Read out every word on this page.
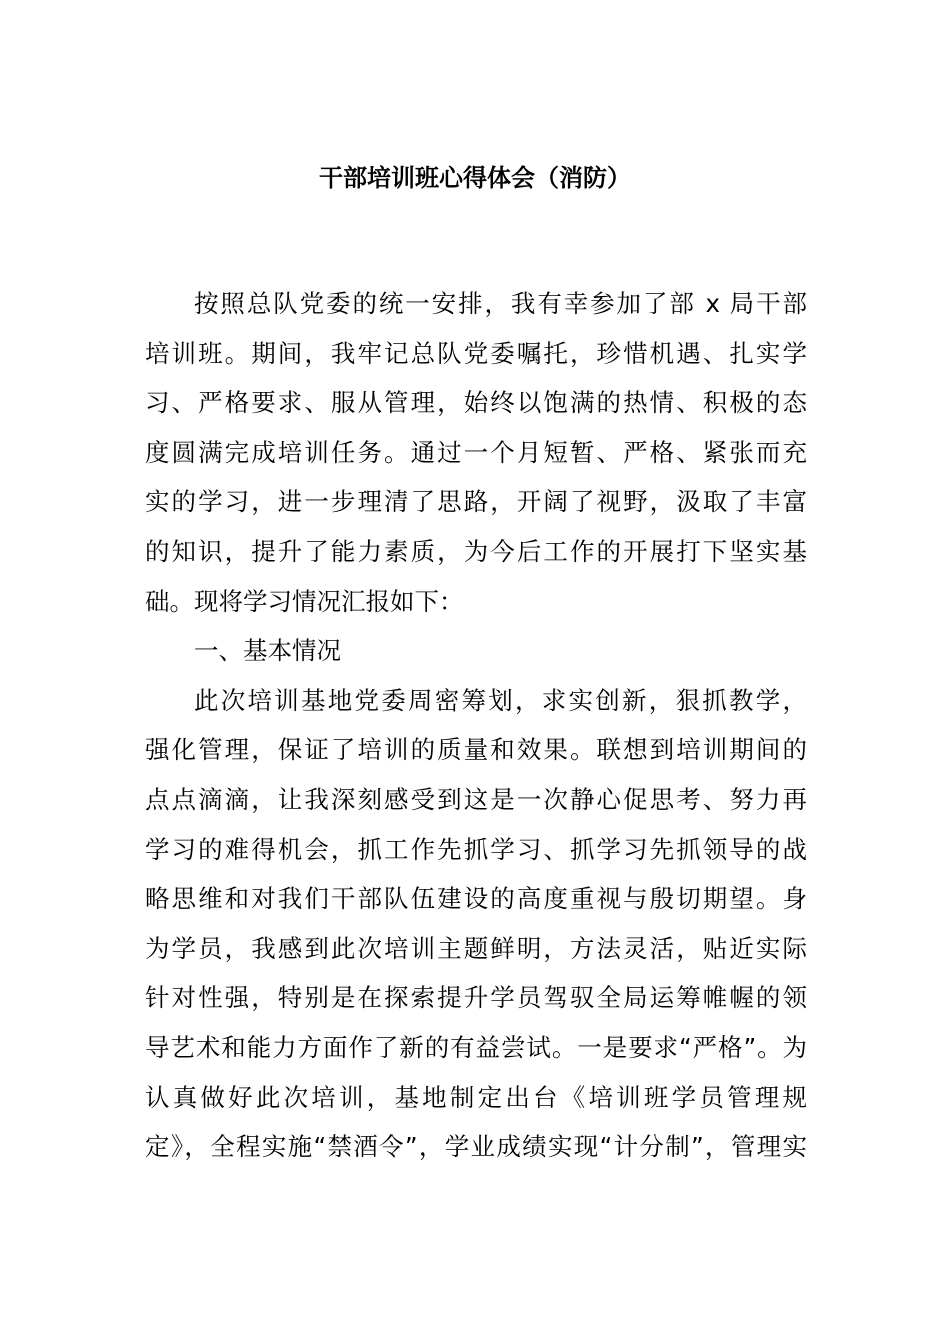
干部培训班心得体会（消防）
按照总队党委的统一安排，我有幸参加了部 x 局干部
培训班。期间，我牢记总队党委嘱托，珍惜机遇、扎实学
习、严格要求、服从管理，始终以饱满的热情、积极的态
度圆满完成培训任务。通过一个月短暂、严格、紧张而充
实的学习，进一步理清了思路，开阔了视野，汲取了丰富
的知识，提升了能力素质，为今后工作的开展打下坚实基
础。现将学习情况汇报如下：
一、基本情况
此次培训基地党委周密筹划，求实创新，狠抓教学，
强化管理，保证了培训的质量和效果。联想到培训期间的
点点滴滴，让我深刻感受到这是一次静心促思考、努力再
学习的难得机会，抓工作先抓学习、抓学习先抓领导的战
略思维和对我们干部队伍建设的高度重视与殷切期望。身
为学员，我感到此次培训主题鲜明，方法灵活，贴近实际
针对性强，特别是在探索提升学员驾驭全局运筹帷幄的领
导艺术和能力方面作了新的有益尝试。一是要求“严格”。为
认真做好此次培训，基地制定出台《培训班学员管理规
定》，全程实施“禁酒令”，学业成绩实现“计分制”，管理实
